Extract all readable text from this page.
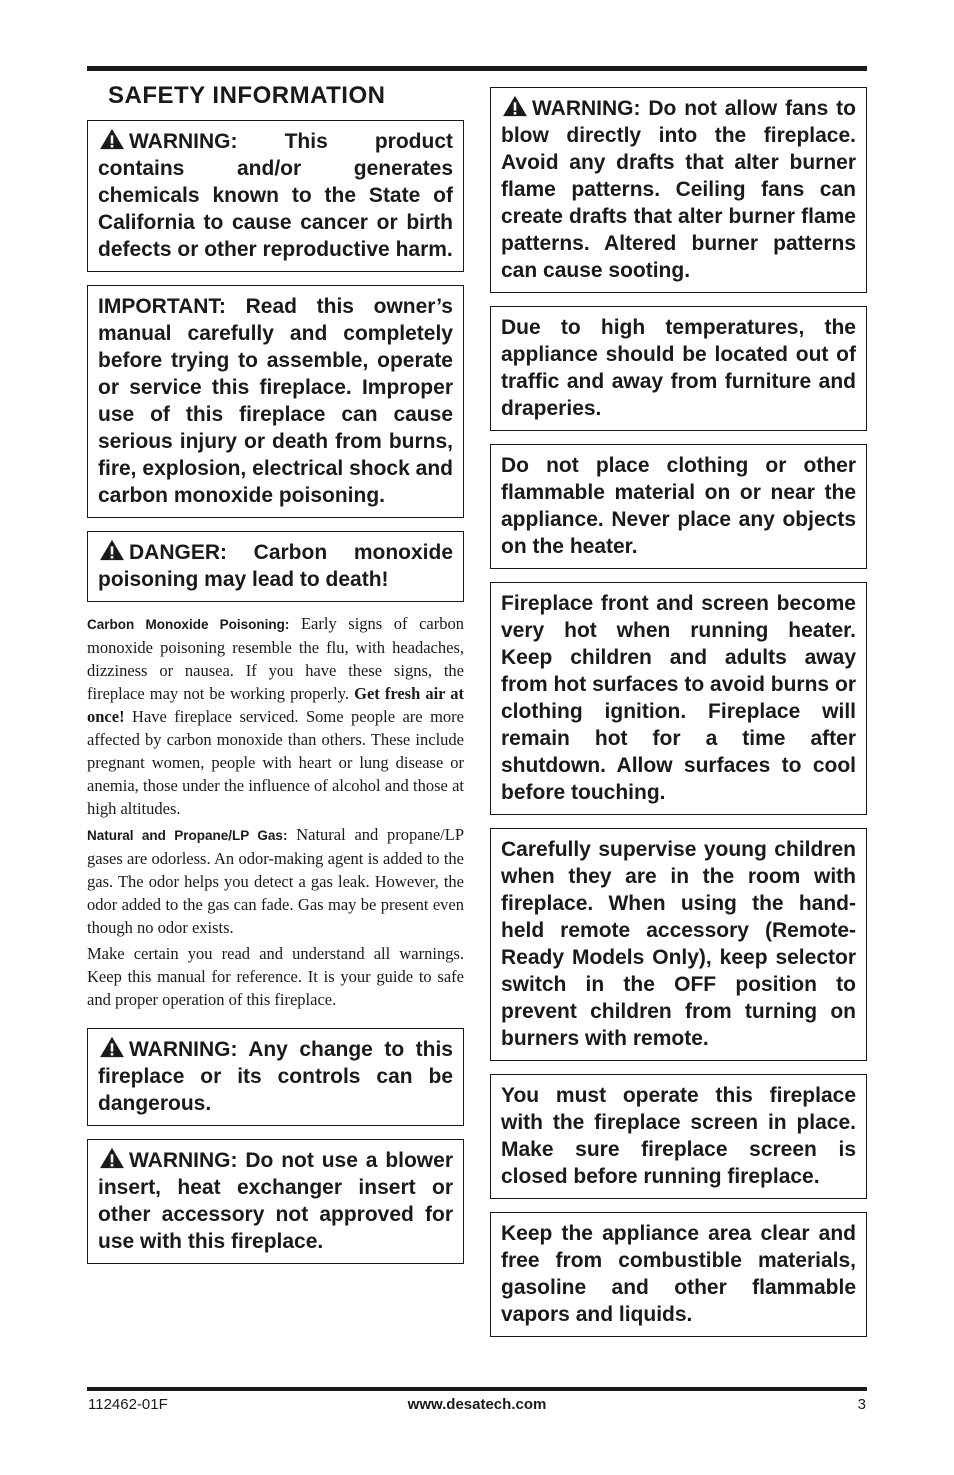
SAFETY INFORMATION
WARNING: This product contains and/or generates chemicals known to the State of California to cause cancer or birth defects or other reproductive harm.
IMPORTANT: Read this owner’s manual carefully and completely before trying to assemble, operate or service this fireplace. Improper use of this fireplace can cause serious injury or death from burns, fire, explosion, electrical shock and carbon monoxide poisoning.
DANGER: Carbon monoxide poisoning may lead to death!

Carbon Monoxide Poisoning: Early signs of carbon monoxide poisoning resemble the flu, with headaches, dizziness or nausea. If you have these signs, the fireplace may not be working properly. Get fresh air at once! Have fireplace serviced. Some people are more affected by carbon monoxide than others. These include pregnant women, people with heart or lung disease or anemia, those under the influence of alcohol and those at high altitudes.

Natural and Propane/LP Gas: Natural and propane/LP gases are odorless. An odor-making agent is added to the gas. The odor helps you detect a gas leak. However, the odor added to the gas can fade. Gas may be present even though no odor exists.

Make certain you read and understand all warnings. Keep this manual for reference. It is your guide to safe and proper operation of this fireplace.

WARNING: Any change to this fireplace or its controls can be dangerous.
WARNING: Do not use a blower insert, heat exchanger insert or other accessory not approved for use with this fireplace.
WARNING: Do not allow fans to blow directly into the fireplace. Avoid any drafts that alter burner flame patterns. Ceiling fans can create drafts that alter burner flame patterns. Altered burner patterns can cause sooting.
Due to high temperatures, the appliance should be located out of traffic and away from furniture and draperies.
Do not place clothing or other flammable material on or near the appliance. Never place any objects on the heater.
Fireplace front and screen become very hot when running heater. Keep children and adults away from hot surfaces to avoid burns or clothing ignition. Fireplace will remain hot for a time after shutdown. Allow surfaces to cool before touching.
Carefully supervise young children when they are in the room with fireplace. When using the hand-held remote accessory (Remote-Ready Models Only), keep selector switch in the OFF position to prevent children from turning on burners with remote.
You must operate this fireplace with the fireplace screen in place. Make sure fireplace screen is closed before running fireplace.
Keep the appliance area clear and free from combustible materials, gasoline and other flammable vapors and liquids.
112462-01F	www.desatech.com	3
